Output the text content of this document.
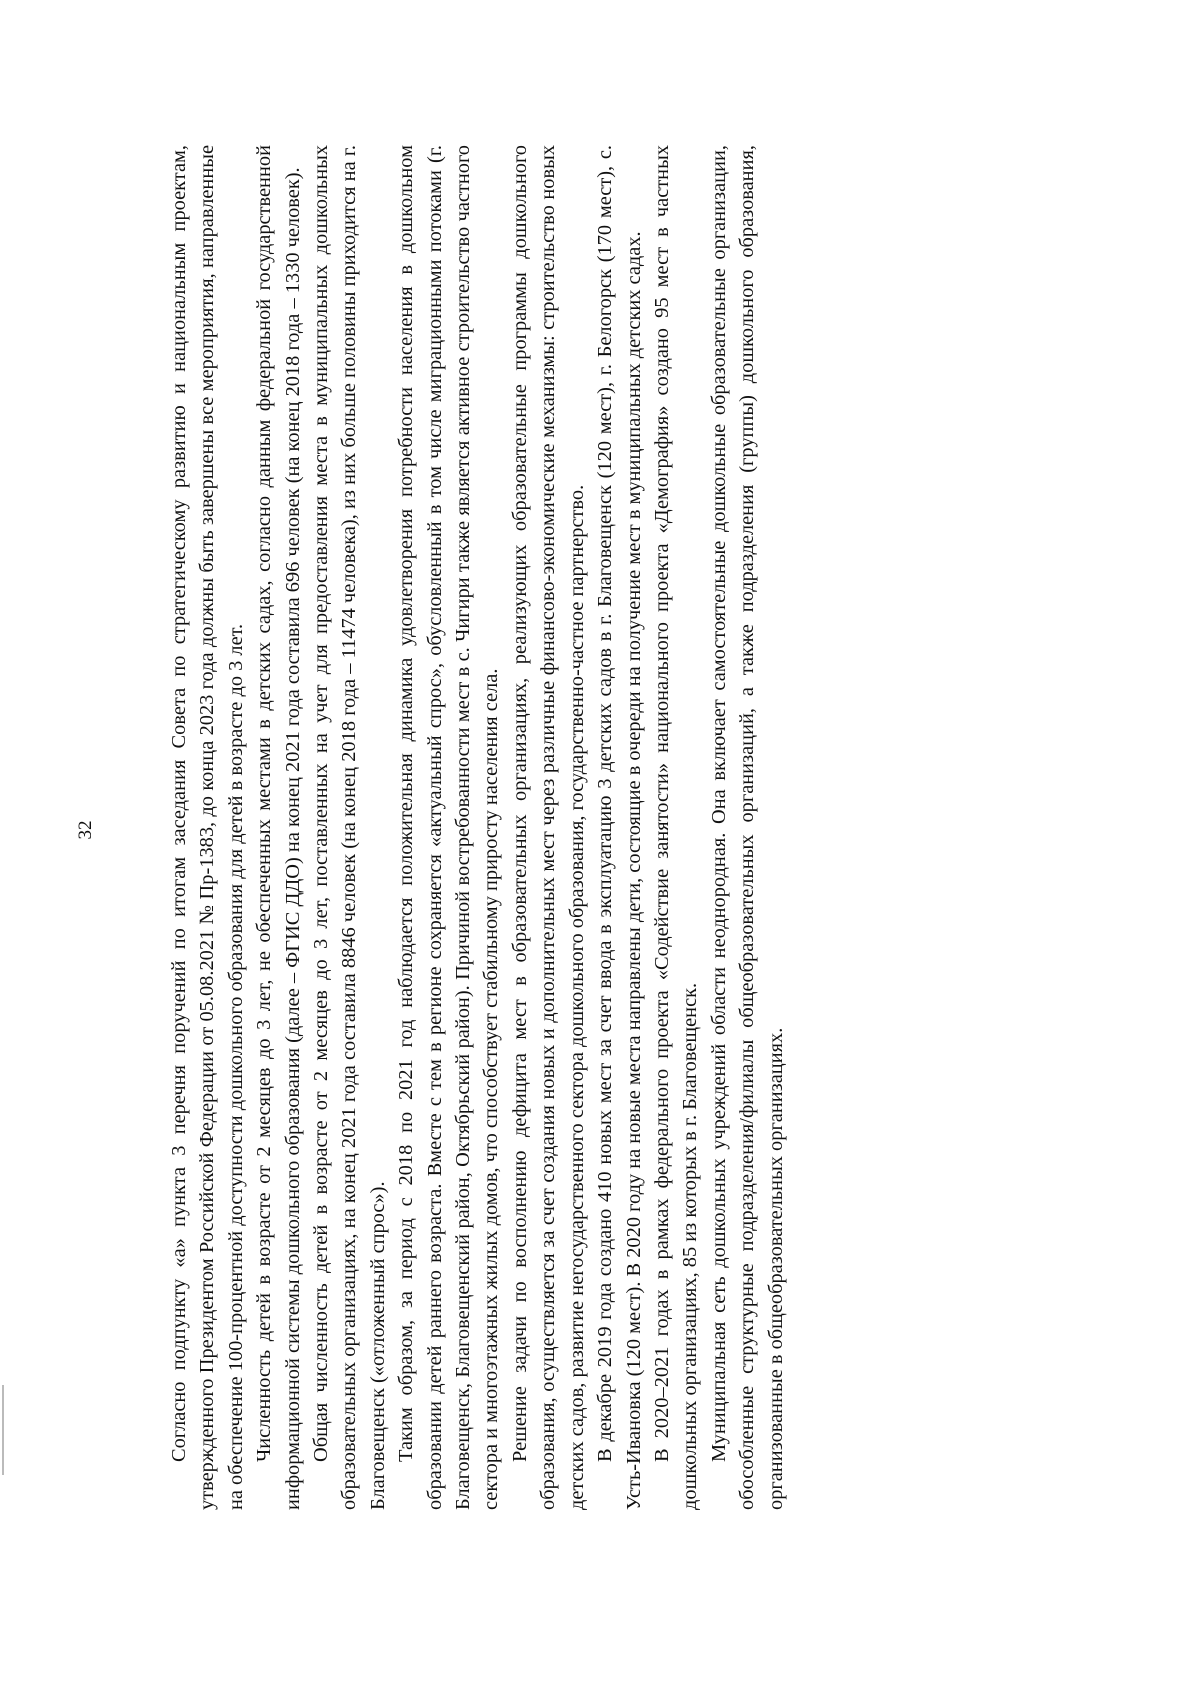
32	Согласно подпункту «а» пункта 3 перечня поручений по итогам заседания Совета по стратегическому развитию и национальным проектам, утвержденного Президентом Российской Федерации от 05.08.2021 № Пр-1383, до конца 2023 года должны быть завершены все мероприятия, направленные на обеспечение 100-процентной доступности дошкольного образования для детей в возрасте до 3 лет. Численность детей в возрасте от 2 месяцев до 3 лет, не обеспеченных местами в детских садах, согласно данным федеральной государственной информационной системы дошкольного образования (далее – ФГИС ДДО) на конец 2021 года составила 696 человек (на конец 2018 года – 1330 человек). Общая численность детей в возрасте от 2 месяцев до 3 лет, поставленных на учет для предоставления места в муниципальных дошкольных образовательных организациях, на конец 2021 года составила 8846 человек (на конец 2018 года – 11474 человека), из них больше половины приходится на г. Благовещенск («отложенный спрос»). Таким образом, за период с 2018 по 2021 год наблюдается положительная динамика удовлетворения потребности населения в дошкольном образовании детей раннего возраста. Вместе с тем в регионе сохраняется «актуальный спрос», обусловленный в том числе миграционными потоками (г. Благовещенск, Благовещенский район, Октябрьский район). Причиной востребованности мест в с. Чигири также является активное строительство частного сектора и многоэтажных жилых домов, что способствует стабильному приросту населения села. Решение задачи по восполнению дефицита мест в образовательных организациях, реализующих образовательные программы дошкольного образования, осуществляется за счет создания новых и дополнительных мест через различные финансово-экономические механизмы: строительство новых детских садов, развитие негосударственного сектора дошкольного образования, государственно-частное партнерство. В декабре 2019 года создано 410 новых мест за счет ввода в эксплуатацию 3 детских садов в г. Благовещенск (120 мест), г. Белогорск (170 мест), с. Усть-Ивановка (120 мест). В 2020 году на новые места направлены дети, состоящие в очереди на получение мест в муниципальных детских садах. В 2020–2021 годах в рамках федерального проекта «Содействие занятости» национального проекта «Демография» создано 95 мест в частных дошкольных организациях, 85 из которых в г. Благовещенск. Муниципальная сеть дошкольных учреждений области неоднородная. Она включает самостоятельные дошкольные образовательные организации, обособленные структурные подразделения/филиалы общеобразовательных организаций, а также подразделения (группы) дошкольного образования, организованные в общеобразовательных организациях.
